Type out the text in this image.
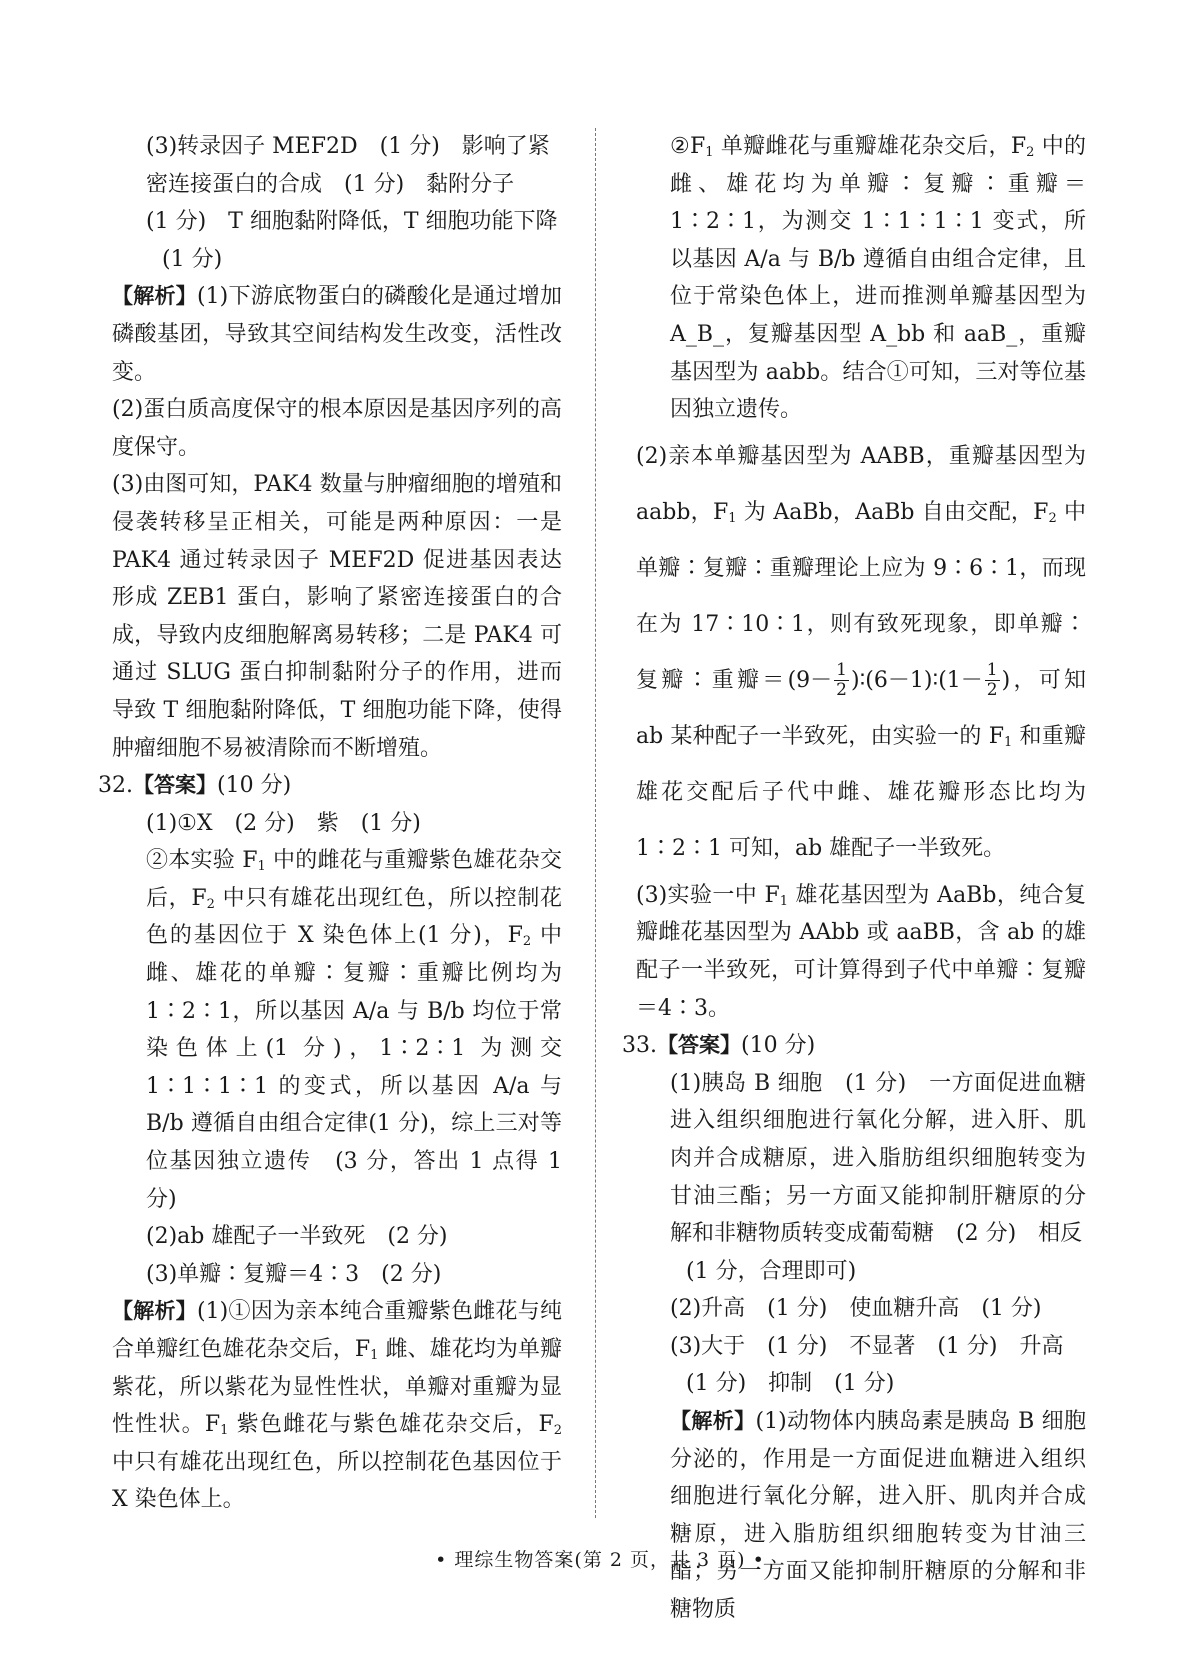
(3)转录因子 MEF2D　(1 分)　影响了紧

密连接蛋白的合成　(1 分)　黏附分子

(1 分)　T 细胞黏附降低，T 细胞功能下降

(1 分)

【解析】(1)下游底物蛋白的磷酸化是通过增加磷酸基团，导致其空间结构发生改变，活性改变。

(2)蛋白质高度保守的根本原因是基因序列的高度保守。

(3)由图可知，PAK4 数量与肿瘤细胞的增殖和侵袭转移呈正相关，可能是两种原因：一是 PAK4 通过转录因子 MEF2D 促进基因表达形成 ZEB1 蛋白，影响了紧密连接蛋白的合成，导致内皮细胞解离易转移；二是 PAK4 可通过 SLUG 蛋白抑制黏附分子的作用，进而导致 T 细胞黏附降低，T 细胞功能下降，使得肿瘤细胞不易被清除而不断增殖。

32.【答案】(10 分)

(1)①X　(2 分)　紫　(1 分)

②本实验 $F_1$ 中的雌花与重瓣紫色雄花杂交后，$F_2$ 中只有雄花出现红色，所以控制花色的基因位于 X 染色体上(1 分)，$F_2$ 中雌、雄花的单瓣∶复瓣∶重瓣比例均为 1∶2∶1，所以基因 A/a 与 B/b 均位于常染色体上(1 分)，1∶2∶1 为测交 1∶1∶1∶1 的变式，所以基因 A/a 与 B/b 遵循自由组合定律(1 分)，综上三对等位基因独立遗传　(3 分，答出 1 点得 1 分)

(2)ab 雄配子一半致死　(2 分)

(3)单瓣∶复瓣＝4∶3　(2 分)

【解析】(1)①因为亲本纯合重瓣紫色雌花与纯合单瓣红色雄花杂交后，$F_1$ 雌、雄花均为单瓣紫花，所以紫花为显性性状，单瓣对重瓣为显性性状。$F_1$ 紫色雌花与紫色雄花杂交后，$F_2$ 中只有雄花出现红色，所以控制花色基因位于 X 染色体上。

$②F_1$ 单瓣雌花与重瓣雄花杂交后，$F_2$ 中的雌、雄花均为单瓣∶复瓣∶重瓣＝1∶2∶1，为测交 1∶1∶1∶1 变式，所以基因 A/a 与 B/b 遵循自由组合定律，且位于常染色体上，进而推测单瓣基因型为 A_B_，复瓣基因型 A_bb 和 aaB_，重瓣基因型为 aabb。结合①可知，三对等位基因独立遗传。

(2)亲本单瓣基因型为 AABB，重瓣基因型为 aabb，$F_1$ 为 AaBb，AaBb 自由交配，$F_2$ 中单瓣∶复瓣∶重瓣理论上应为 9∶6∶1，而现在为 17∶10∶1，则有致死现象，即单瓣∶复瓣∶重瓣$=(9- \frac{1}{2}$ )∶(6－1)∶(1－ $\frac{1}{2}$ )，可知 ab 某种配子一半致死，由实验一的 $F_1$ 和重瓣雄花交配后子代中雌、雄花瓣形态比均为 1∶2∶1 可知，ab 雄配子一半致死。

(3)实验一中 $F_1$ 雄花基因型为 AaBb，纯合复瓣雌花基因型为 AAbb 或 aaBB，含 ab 的雄配子一半致死，可计算得到子代中单瓣∶复瓣＝4∶3。

33.【答案】(10 分)

(1)胰岛 B 细胞　(1 分)　一方面促进血糖进入组织细胞进行氧化分解，进入肝、肌肉并合成糖原，进入脂肪组织细胞转变为甘油三酯；另一方面又能抑制肝糖原的分解和非糖物质转变成葡萄糖　(2 分)　相反

(1 分，合理即可)

(2)升高　(1 分)　使血糖升高　(1 分)

(3)大于　(1 分)　不显著　(1 分)　升高

(1 分)　抑制　(1 分)

【解析】(1)动物体内胰岛素是胰岛 B 细胞分泌的，作用是一方面促进血糖进入组织细胞进行氧化分解，进入肝、肌肉并合成糖原，进入脂肪组织细胞转变为甘油三酯；另一方面又能抑制肝糖原的分解和非糖物质

• 理综生物答案(第 2 页，共 3 页) •
